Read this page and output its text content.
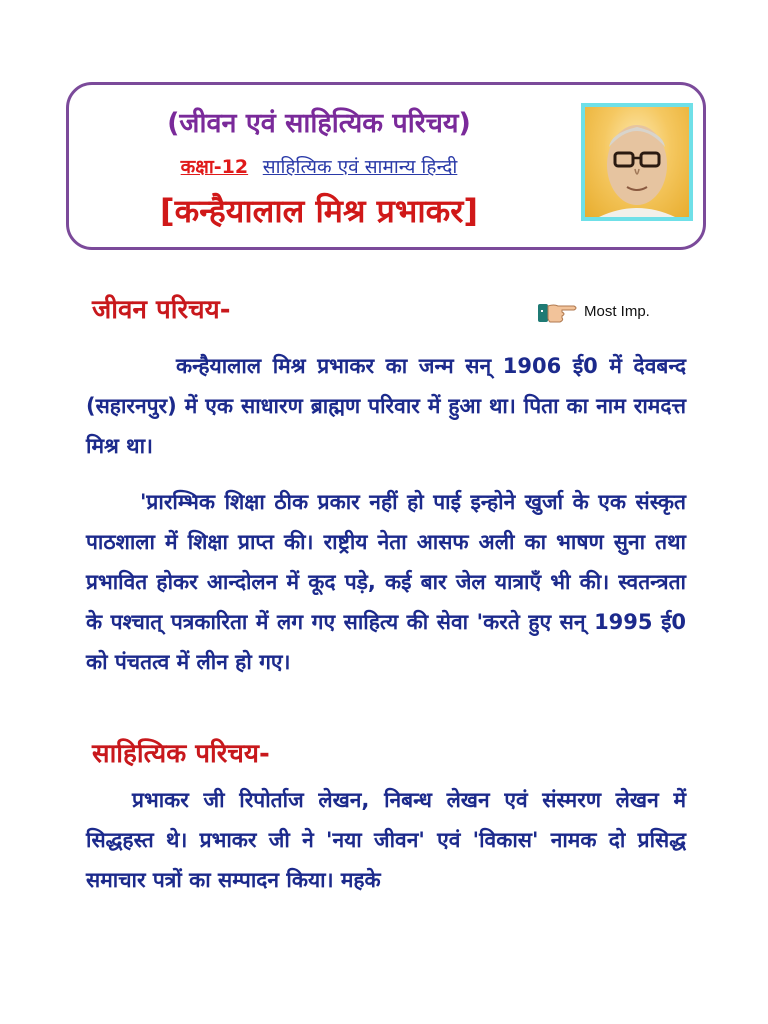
(जीवन एवं साहित्यिक परिचय)
कक्षा-12 साहित्यिक एवं सामान्य हिन्दी
[कन्हैयालाल मिश्र प्रभाकर]
जीवन परिचय-	Most Imp.
कन्हैयालाल मिश्र प्रभाकर का जन्म सन् 1906 ई0 में देवबन्द (सहारनपुर) में एक साधारण ब्राह्मण परिवार में हुआ था। पिता का नाम रामदत्त मिश्र था।
'प्रारम्भिक शिक्षा ठीक प्रकार नहीं हो पाई इन्होने खुर्जा के एक संस्कृत पाठशाला में शिक्षा प्राप्त की। राष्ट्रीय नेता आसफ अली का भाषण सुना तथा प्रभावित होकर आन्दोलन में कूद पड़े, कई बार जेल यात्राएँ भी की। स्वतन्त्रता के पश्चात् पत्रकारिता में लग गए साहित्य की सेवा 'करते हुए सन् 1995 ई0 को पंचतत्व में लीन हो गए।
साहित्यिक परिचय-
प्रभाकर जी रिपोर्ताज लेखन, निबन्ध लेखन एवं संस्मरण लेखन में सिद्धहस्त थे। प्रभाकर जी ने 'नया जीवन' एवं 'विकास' नामक दो प्रसिद्ध समाचार पत्रों का सम्पादन किया। महके
